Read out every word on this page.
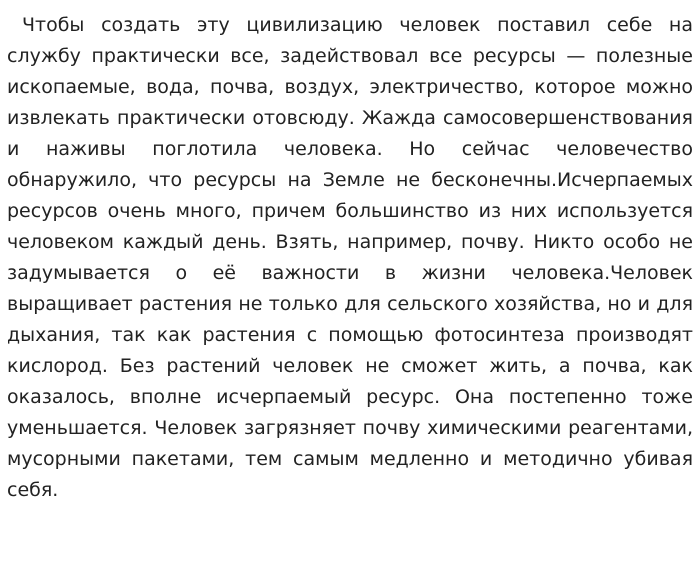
Чтобы создать эту цивилизацию человек поставил себе на службу практически все, задействовал все ресурсы — полезные ископаемые, вода, почва, воздух, электричество, которое можно извлекать практически отовсюду. Жажда самосовершенствования и наживы поглотила человека. Но сейчас человечество обнаружило, что ресурсы на Земле не бесконечны.Исчерпаемых ресурсов очень много, причем большинство из них используется человеком каждый день. Взять, например, почву. Никто особо не задумывается о её важности в жизни человека.Человек выращивает растения не только для сельского хозяйства, но и для дыхания, так как растения с помощью фотосинтеза производят кислород. Без растений человек не сможет жить, а почва, как оказалось, вполне исчерпаемый ресурс. Она постепенно тоже уменьшается. Человек загрязняет почву химическими реагентами, мусорными пакетами, тем самым медленно и методично убивая себя.
